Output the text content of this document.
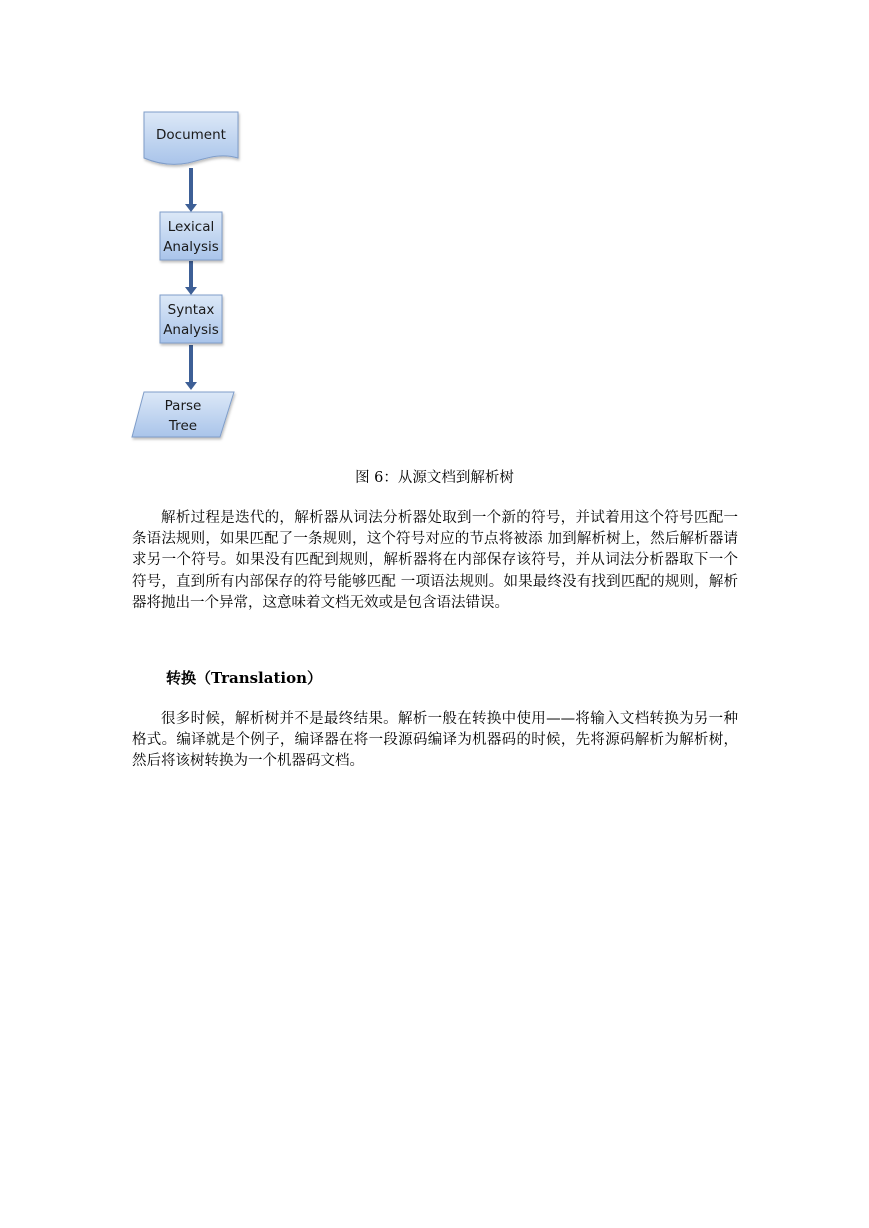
Document
Lexical
Analysis
Syntax
Analysis
Parse
Tree
图 6：从源文档到解析树

解析过程是迭代的，解析器从词法分析器处取到一个新的符号，并试着用这个符号匹配一条语法规则，如果匹配了一条规则，这个符号对应的节点将被添 加到解析树上，然后解析器请求另一个符号。如果没有匹配到规则，解析器将在内部保存该符号，并从词法分析器取下一个符号，直到所有内部保存的符号能够匹配 一项语法规则。如果最终没有找到匹配的规则，解析器将抛出一个异常，这意味着文档无效或是包含语法错误。

转换（Translation）

很多时候，解析树并不是最终结果。解析一般在转换中使用——将输入文档转换为另一种格式。编译就是个例子，编译器在将一段源码编译为机器码的时候，先将源码解析为解析树，然后将该树转换为一个机器码文档。
